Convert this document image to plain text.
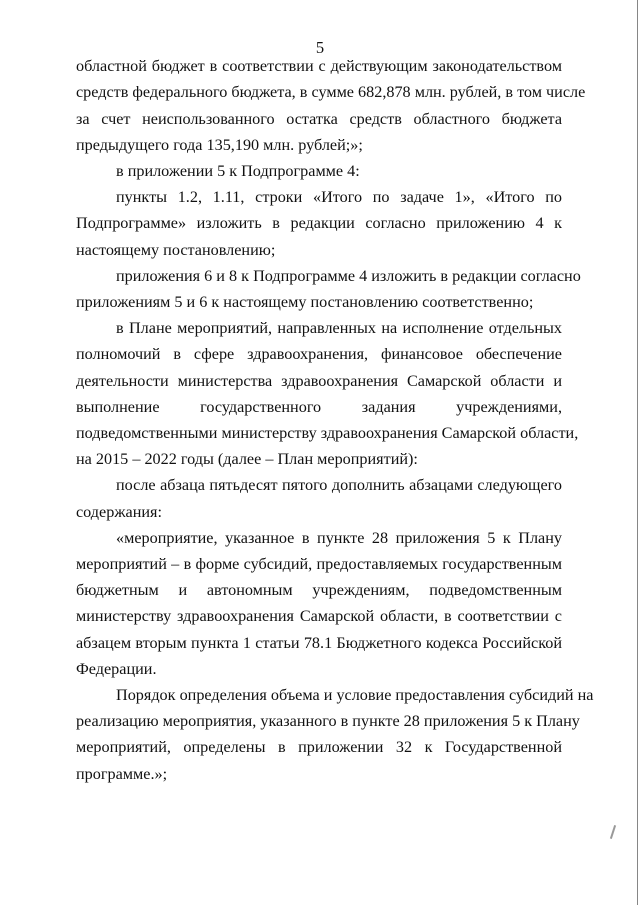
5
областной бюджет в соответствии с действующим законодательством
средств федерального бюджета, в сумме 682,878 млн. рублей, в том числе
за счет неиспользованного остатка средств областного бюджета
предыдущего года 135,190 млн. рублей;»;
в приложении 5 к Подпрограмме 4:
пункты 1.2, 1.11, строки «Итого по задаче 1», «Итого по
Подпрограмме» изложить в редакции согласно приложению 4 к
настоящему постановлению;
приложения 6 и 8 к Подпрограмме 4 изложить в редакции согласно
приложениям 5 и 6 к настоящему постановлению соответственно;
в Плане мероприятий, направленных на исполнение отдельных
полномочий в сфере здравоохранения, финансовое обеспечение
деятельности министерства здравоохранения Самарской области и
выполнение государственного задания учреждениями,
подведомственными министерству здравоохранения Самарской области,
на 2015 – 2022 годы (далее – План мероприятий):
после абзаца пятьдесят пятого дополнить абзацами следующего
содержания:
«мероприятие, указанное в пункте 28 приложения 5 к Плану
мероприятий – в форме субсидий, предоставляемых государственным
бюджетным и автономным учреждениям, подведомственным
министерству здравоохранения Самарской области, в соответствии с
абзацем вторым пункта 1 статьи 78.1 Бюджетного кодекса Российской
Федерации.
Порядок определения объема и условие предоставления субсидий на
реализацию мероприятия, указанного в пункте 28 приложения 5 к Плану
мероприятий, определены в приложении 32 к Государственной
программе.»;
